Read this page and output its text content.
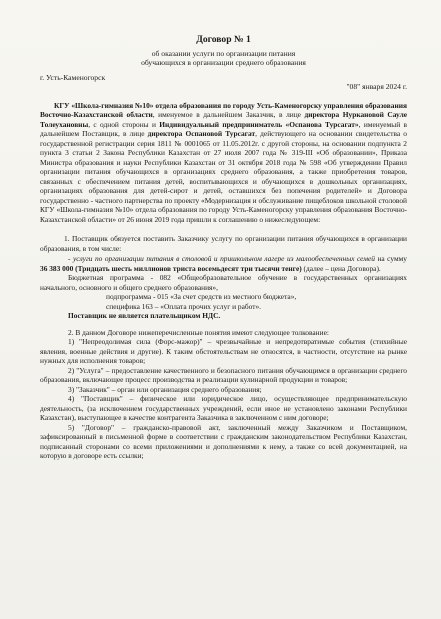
Договор № 1
об оказании услуги по организации питания
обучающихся в организации среднего образования
г. Усть-Каменогорск
"08" января 2024 г.

КГУ «Школа-гимназия №10» отдела образования по городу Усть-Каменогорску управления образования Восточно-Казахстанской области, именуемое в дальнейшем Заказчик, в лице директора Нуркановой Сауле Толеухановны, с одной стороны и Индивидуальный предприниматель «Оспанова Турсагат», именуемый в дальнейшем Поставщик, в лице директора Оспановой Турсагат, действующего на основании свидетельства о государственной регистрации серия 1811 № 0001065 от 11.05.2012г. с другой стороны, на основании подпункта 2 пункта 3 статьи 2 Закона Республики Казахстан от 27 июля 2007 года № 319-III «Об образовании», Приказа Министра образования и науки Республики Казахстан от 31 октября 2018 года № 598 «Об утверждении Правил организации питания обучающихся в организациях среднего образования, а также приобретения товаров, связанных с обеспечением питания детей, воспитывающихся и обучающихся в дошкольных организациях, организациях образования для детей-сирот и детей, оставшихся без попечения родителей» и Договора государственно - частного партнерства по проекту «Модернизация и обслуживание пищеблоков школьной столовой КГУ «Школа-гимназия №10» отдела образования по городу Усть-Каменогорску управления образования Восточно-Казахстанской области» от 26 июня 2019 года пришли к соглашению о нижеследующем:

1. Поставщик обязуется поставить Заказчику услугу по организации питания обучающихся в организации образования, в том числе:

- услуги по организации питания в столовой и пришкольном лагере из малообеспеченных семей на сумму 36 383 000 (Тридцать шесть миллионов триста восемьдесят три тысячи тенге) (далее – цена Договора).

Бюджетная программа - 082 «Общеобразовательное обучение в государственных организациях начального, основного и общего среднего образования»,

подпрограмма - 015 «За счет средств из местного бюджета»,

специфика 163 – «Оплата прочих услуг и работ».

Поставщик не является плательщиком НДС.

2. В данном Договоре нижеперечисленные понятия имеют следующее толкование:

1) "Непреодолимая сила (Форс-мажор)" – чрезвычайные и непредотвратимые события (стихийные явления, военные действия и другие). К таким обстоятельствам не относятся, в частности, отсутствие на рынке нужных для исполнения товаров;

2) "Услуга" – предоставление качественного и безопасного питания обучающимся в организации среднего образования, включающее процесс производства и реализации кулинарной продукции и товаров;

3) "Заказчик" – орган или организация среднего образования;

4) "Поставщик" – физическое или юридическое лицо, осуществляющее предпринимательскую деятельность, (за исключением государственных учреждений, если иное не установлено законами Республики Казахстан), выступающее в качестве контрагента Заказчика в заключенном с ним договоре;

5) "Договор" – гражданско-правовой акт, заключенный между Заказчиком и Поставщиком, зафиксированный в письменной форме в соответствии с гражданским законодательством Республики Казахстан, подписанный сторонами со всеми приложениями и дополнениями к нему, а также со всей документацией, на которую в договоре есть ссылки;
